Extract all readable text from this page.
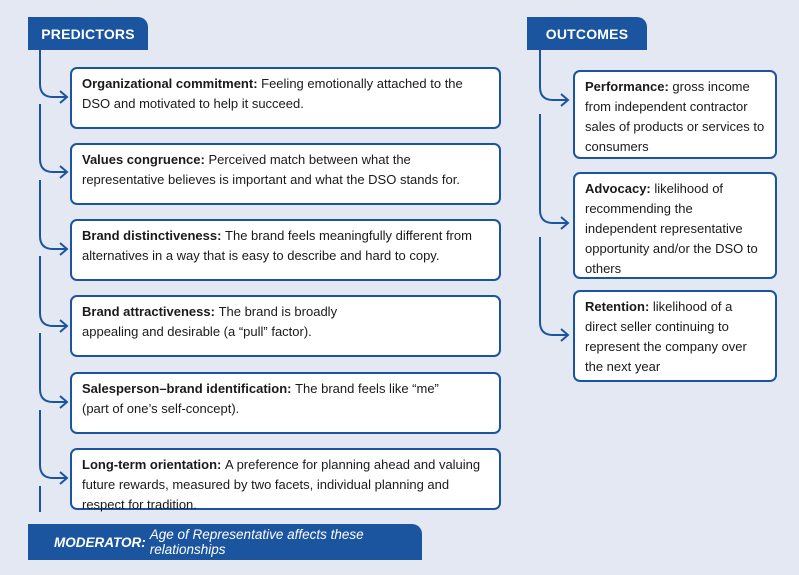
PREDICTORS	OUTCOMES
Organizational commitment: Feeling emotionally attached to the DSO and motivated to help it succeed.
Values congruence: Perceived match between what the representative believes is important and what the DSO stands for.
Brand distinctiveness: The brand feels meaningfully different from alternatives in a way that is easy to describe and hard to copy.
Brand attractiveness: The brand is broadly appealing and desirable (a “pull” factor).
Salesperson–brand identification: The brand feels like “me” (part of one’s self-concept).
Long-term orientation: A preference for planning ahead and valuing future rewards, measured by two facets, individual planning and respect for tradition.
Performance: gross income from independent contractor sales of products or services to consumers
Advocacy: likelihood of recommending the independent representative opportunity and/or the DSO to others
Retention: likelihood of a direct seller continuing to represent the company over the next year
MODERATOR: Age of Representative affects these relationships
